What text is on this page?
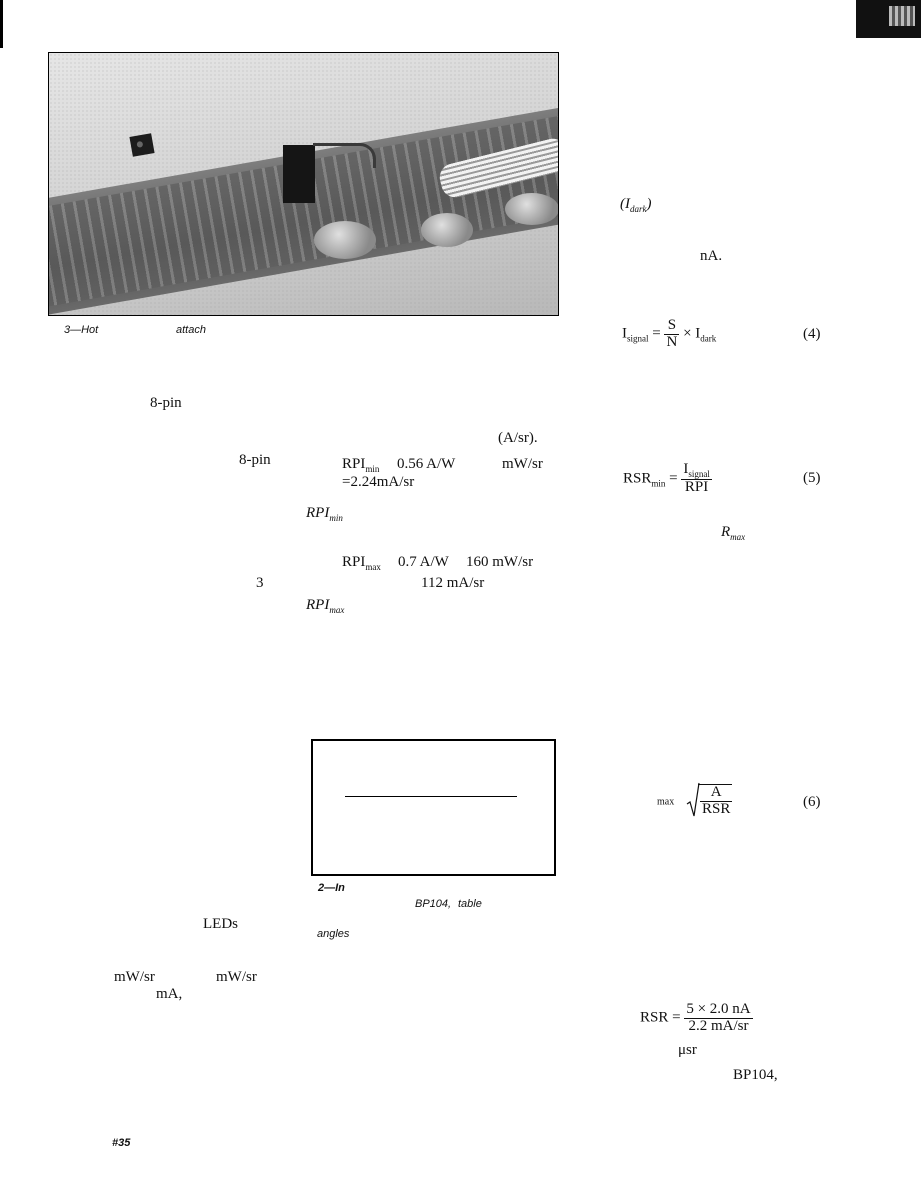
3—Hot	attach
8-pin
8-pin
3
LEDs
mW/sr	mW/sr
mA,
#35
(A/sr).
$RPI_{min}$ 0.56 A/W	mW/sr
=2.24mA/sr
$RPI_{min}$
$RPI_{max}$ 0.7 A/W 160 mW/sr
112 mA/sr
$RPI_{max}$
2—In
BP104, table
angles
$(I_{dark})$
nA.
$I_{signal} = \frac{S}{N} \times I_{dark}$	(4)
$RSR_{min} = \frac{I_{signal}}{\text{RPI}}$	(5)
$R_{max}$
$\max \frac{A}{\text{RSR}}$	(6)
RSR = $\frac{5 \times 2.0 nA}{2.2 mA/sr}$
μsr
BP104,
